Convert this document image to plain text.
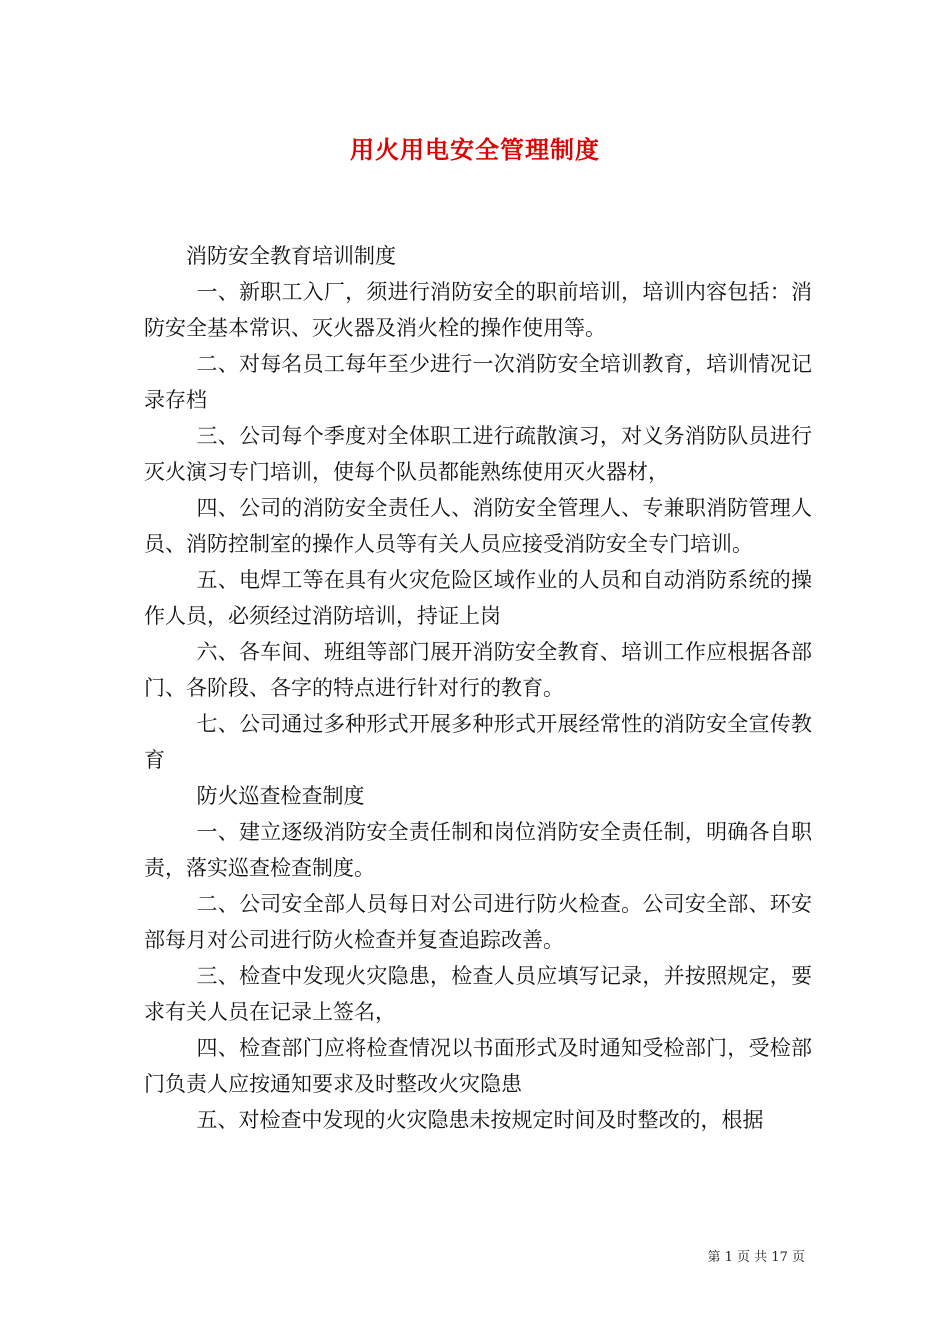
用火用电安全管理制度

消防安全教育培训制度

一、新职工入厂，须进行消防安全的职前培训，培训内容包括：消防安全基本常识、灭火器及消火栓的操作使用等。

二、对每名员工每年至少进行一次消防安全培训教育，培训情况记录存档

三、公司每个季度对全体职工进行疏散演习，对义务消防队员进行灭火演习专门培训，使每个队员都能熟练使用灭火器材，

四、公司的消防安全责任人、消防安全管理人、专兼职消防管理人员、消防控制室的操作人员等有关人员应接受消防安全专门培训。

五、电焊工等在具有火灾危险区域作业的人员和自动消防系统的操作人员，必须经过消防培训，持证上岗

六、各车间、班组等部门展开消防安全教育、培训工作应根据各部门、各阶段、各字的特点进行针对行的教育。

七、公司通过多种形式开展多种形式开展经常性的消防安全宣传教育

防火巡查检查制度

一、建立逐级消防安全责任制和岗位消防安全责任制，明确各自职责，落实巡查检查制度。

二、公司安全部人员每日对公司进行防火检查。公司安全部、环安部每月对公司进行防火检查并复查追踪改善。

三、检查中发现火灾隐患，检查人员应填写记录，并按照规定，要求有关人员在记录上签名，

四、检查部门应将检查情况以书面形式及时通知受检部门，受检部门负责人应按通知要求及时整改火灾隐患

五、对检查中发现的火灾隐患未按规定时间及时整改的，根据

第 1 页 共 17 页
